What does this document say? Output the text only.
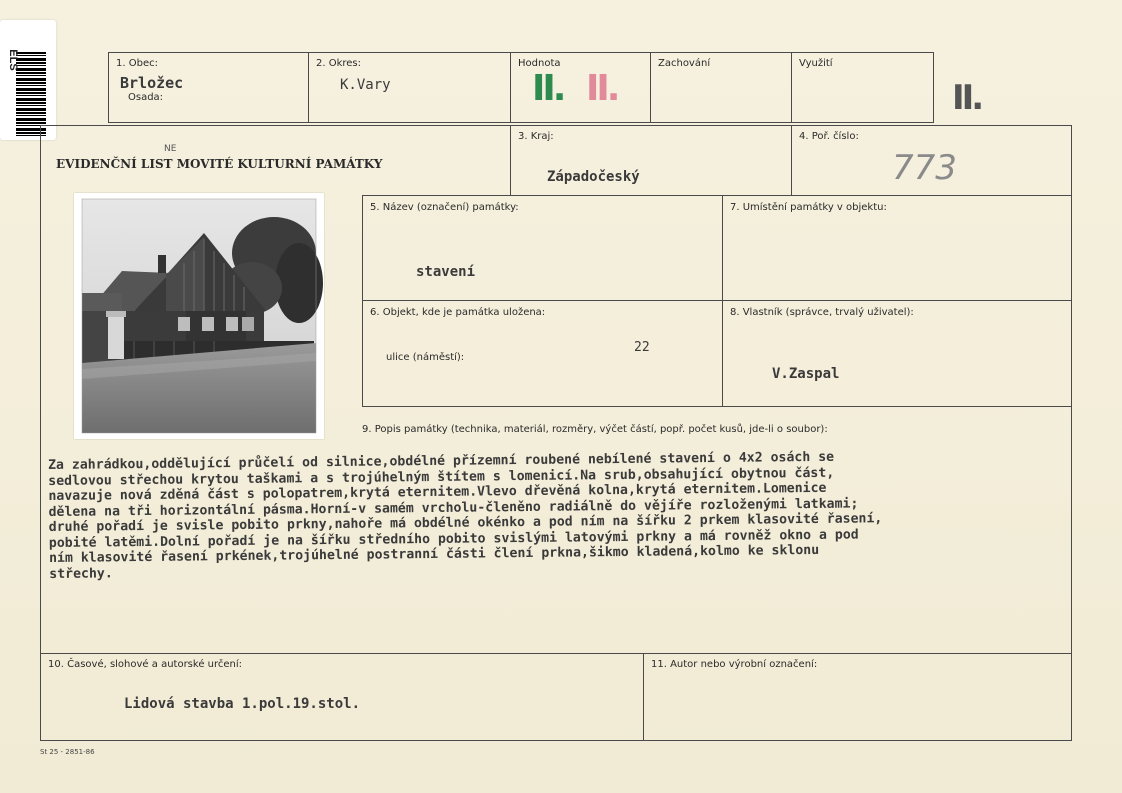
ELS	1. Obec:
Brložec
Osada:
2. Okres:
K.Vary
Hodnota
II. II.
Zachování	Využití
II.
EVIDENČNÍ LIST MOVITÉ KULTURNÍ PAMÁTKY
NE
3. Kraj:
Západočeský
4. Poř. číslo:
773
5. Název (označení) památky:
stavení
7. Umístění památky v objektu:
6. Objekt, kde je památka uložena:
22
ulice (náměstí):
8. Vlastník (správce, trvalý uživatel):
V.Zaspal
9. Popis památky (technika, materiál, rozměry, výčet částí, popř. počet kusů, jde-li o soubor):
Za zahrádkou,oddělující průčelí od silnice,obdélné přízemní roubené nebílené stavení o 4x2 osách se
sedlovou střechou krytou taškami a s trojúhelným štítem s lomenicí.Na srub,obsahující obytnou část,
navazuje nová zděná část s polopatrem,krytá eternitem.Vlevo dřevěná kolna,krytá eternitem.Lomenice
dělena na tři horizontální pásma.Horní-v samém vrcholu-členěno radiálně do vějíře rozloženými latkami;
druhé pořadí je svisle pobito prkny,nahoře má obdélné okénko a pod ním na šířku 2 prkem klasovité řasení,
pobité latěmi.Dolní pořadí je na šířku středního pobito svislými latovými prkny a má rovněž okno a pod
ním klasovité řasení prkének,trojúhelné postranní části člení prkna,šikmo kladená,kolmo ke sklonu
střechy.
10. Časové, slohové a autorské určení:
Lidová stavba 1.pol.19.stol.
11. Autor nebo výrobní označení:
St 25 - 2851-86
